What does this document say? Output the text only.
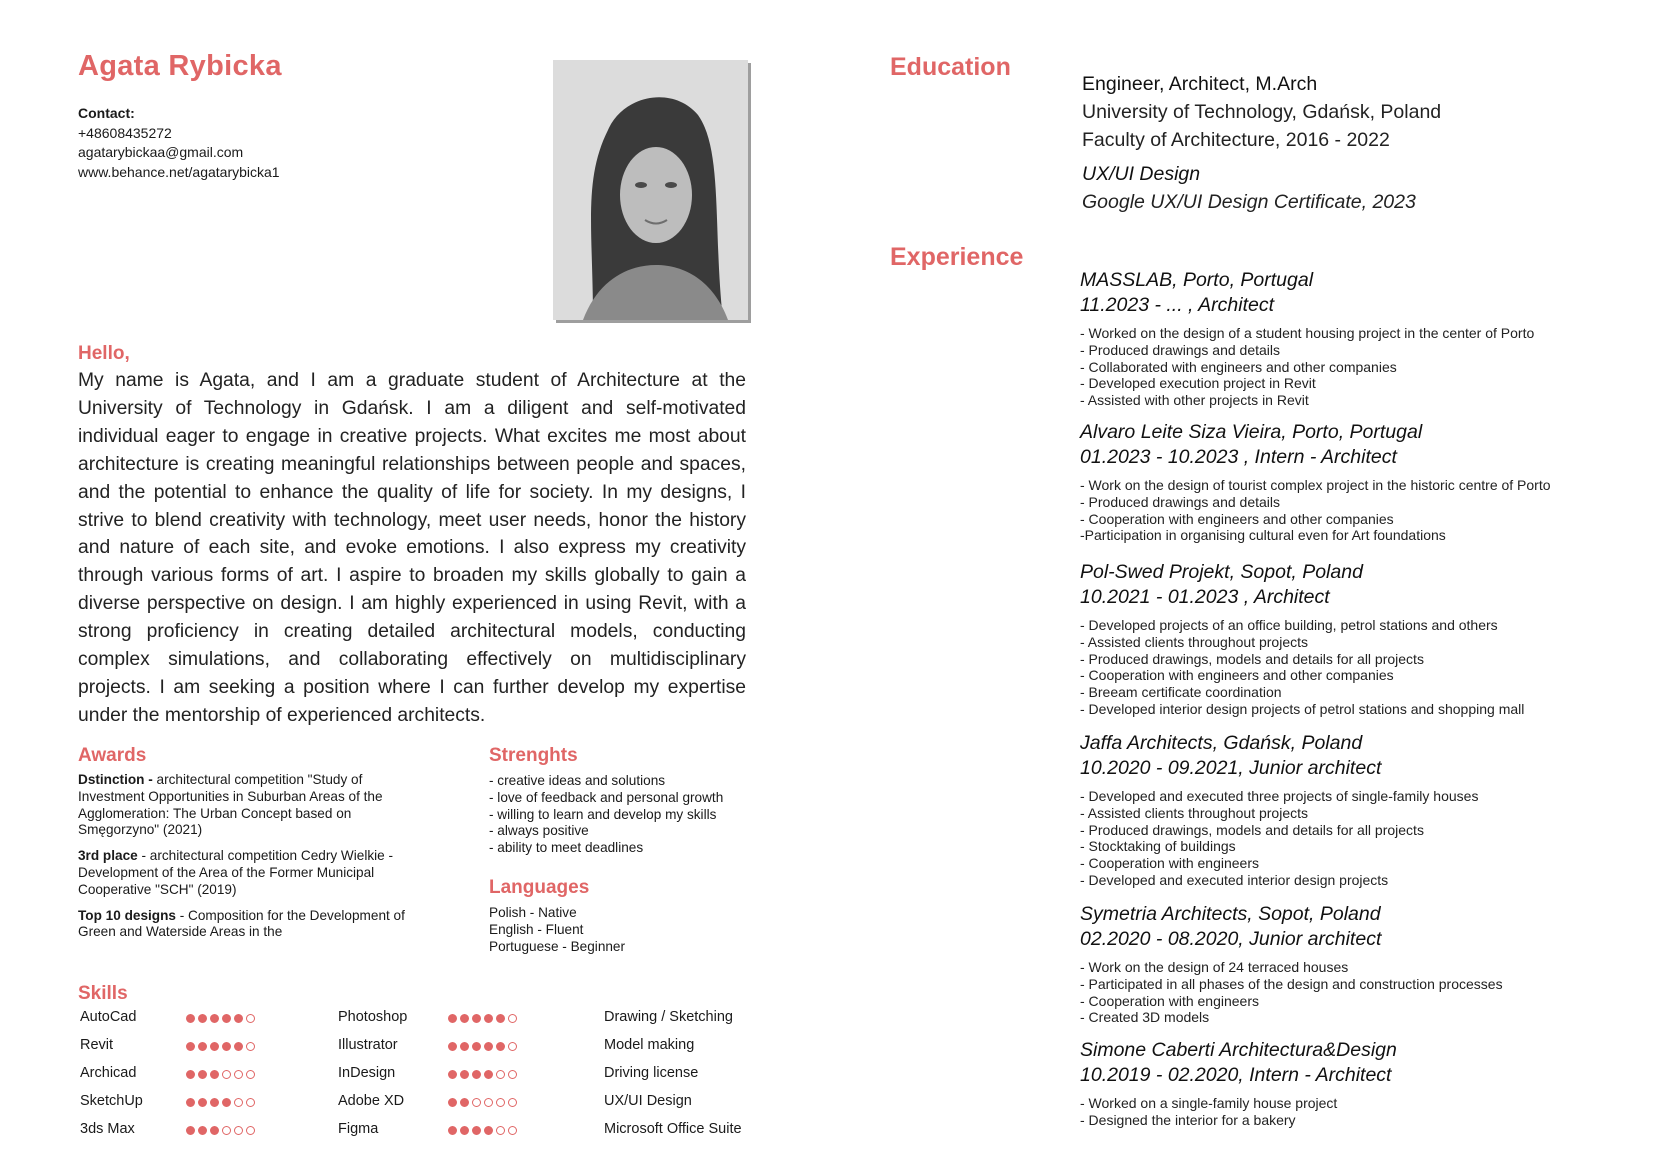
Agata Rybicka
Contact:
+48608435272
agatarybickaa@gmail.com
www.behance.net/agatarybicka1
Hello,
My name is Agata, and I am a graduate student of Architecture at the University of Technology in Gdańsk. I am a diligent and self-motivated individual eager to engage in creative projects. What excites me most about architecture is creating meaningful relationships between people and spaces, and the potential to enhance the quality of life for society. In my designs, I strive to blend creativity with technology, meet user needs, honor the history and nature of each site, and evoke emotions. I also express my creativity through various forms of art. I aspire to broaden my skills globally to gain a diverse perspective on design. I am highly experienced in using Revit, with a strong proficiency in creating detailed architectural models, conducting complex simulations, and collaborating effectively on multidisciplinary projects. I am seeking a position where I can further develop my expertise under the mentorship of experienced architects.
Awards

Dstinction - architectural competition "Study of Investment Opportunities in Suburban Areas of the Agglomeration: The Urban Concept based on Smęgorzyno" (2021)

3rd place - architectural competition Cedry Wielkie - Development of the Area of the Former Municipal Cooperative "SCH" (2019)

Top 10 designs - Composition for the Development of Green and Waterside Areas in the

Strenghts
- creative ideas and solutions
- love of feedback and personal growth
- willing to learn and develop my skills
- always positive
- ability to meet deadlines
Languages
Polish - Native
English - Fluent
Portuguese - Beginner
Skills
AutoCad
Revit
Archicad
SketchUp
3ds Max
Photoshop
Illustrator
InDesign
Adobe XD
Figma
Drawing / Sketching
Model making
Driving license
UX/UI Design
Microsoft Office Suite
Education
Engineer, Architect, M.Arch
University of Technology, Gdańsk, Poland
Faculty of Architecture, 2016 - 2022
UX/UI Design
Google UX/UI Design Certificate, 2023
Experience
MASSLAB, Porto, Portugal
11.2023 - ... , Architect
- Worked on the design of a student housing project in the center of Porto
- Produced drawings and details
- Collaborated with engineers and other companies
- Developed execution project in Revit
- Assisted with other projects in Revit
Alvaro Leite Siza Vieira, Porto, Portugal
01.2023 - 10.2023 , Intern - Architect
- Work on the design of tourist complex project in the historic centre of Porto
- Produced drawings and details
- Cooperation with engineers and other companies
-Participation in organising cultural even for Art foundations
Pol-Swed Projekt, Sopot, Poland
10.2021 - 01.2023 , Architect
- Developed projects of an office building, petrol stations and others
- Assisted clients throughout projects
- Produced drawings, models and details for all projects
- Cooperation with engineers and other companies
- Breeam certificate coordination
- Developed interior design projects of petrol stations and shopping mall
Jaffa Architects, Gdańsk, Poland
10.2020 - 09.2021, Junior architect
- Developed and executed three projects of single-family houses
- Assisted clients throughout projects
- Produced drawings, models and details for all projects
- Stocktaking of buildings
- Cooperation with engineers
- Developed and executed interior design projects
Symetria Architects, Sopot, Poland
02.2020 - 08.2020, Junior architect
- Work on the design of 24 terraced houses
- Participated in all phases of the design and construction processes
- Cooperation with engineers
- Created 3D models
Simone Caberti Architectura&Design
10.2019 - 02.2020, Intern - Architect
- Worked on a single-family house project
- Designed the interior for a bakery
